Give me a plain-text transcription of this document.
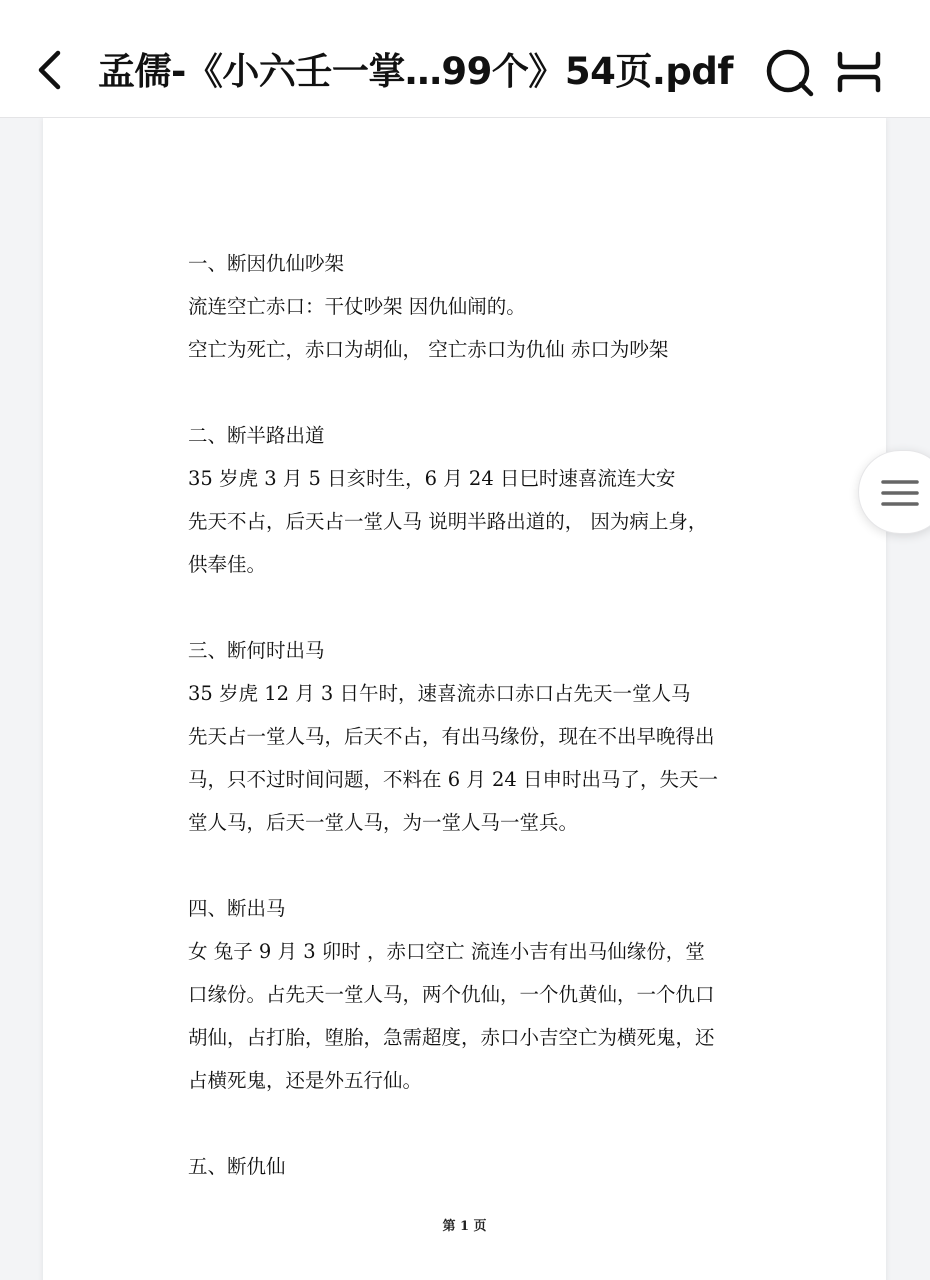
孟儒-《小六壬一掌…99个》54页.pdf
一、断因仇仙吵架
流连空亡赤口：干仗吵架 因仇仙闹的。
空亡为死亡，赤口为胡仙， 空亡赤口为仇仙 赤口为吵架
二、断半路出道
35 岁虎 3 月 5 日亥时生，6 月 24 日巳时速喜流连大安
先天不占，后天占一堂人马 说明半路出道的， 因为病上身，
供奉佳。
三、断何时出马
35 岁虎 12 月 3 日午时，速喜流赤口赤口占先天一堂人马
先天占一堂人马，后天不占，有出马缘份，现在不出早晚得出
马，只不过时间问题，不料在 6 月 24 日申时出马了，失天一
堂人马，后天一堂人马，为一堂人马一堂兵。
四、断出马
女 兔子 9 月 3 卯时 ，赤口空亡 流连小吉有出马仙缘份，堂
口缘份。占先天一堂人马，两个仇仙，一个仇黄仙，一个仇口
胡仙，占打胎，堕胎，急需超度，赤口小吉空亡为横死鬼，还
占横死鬼，还是外五行仙。
五、断仇仙
第 1 页
